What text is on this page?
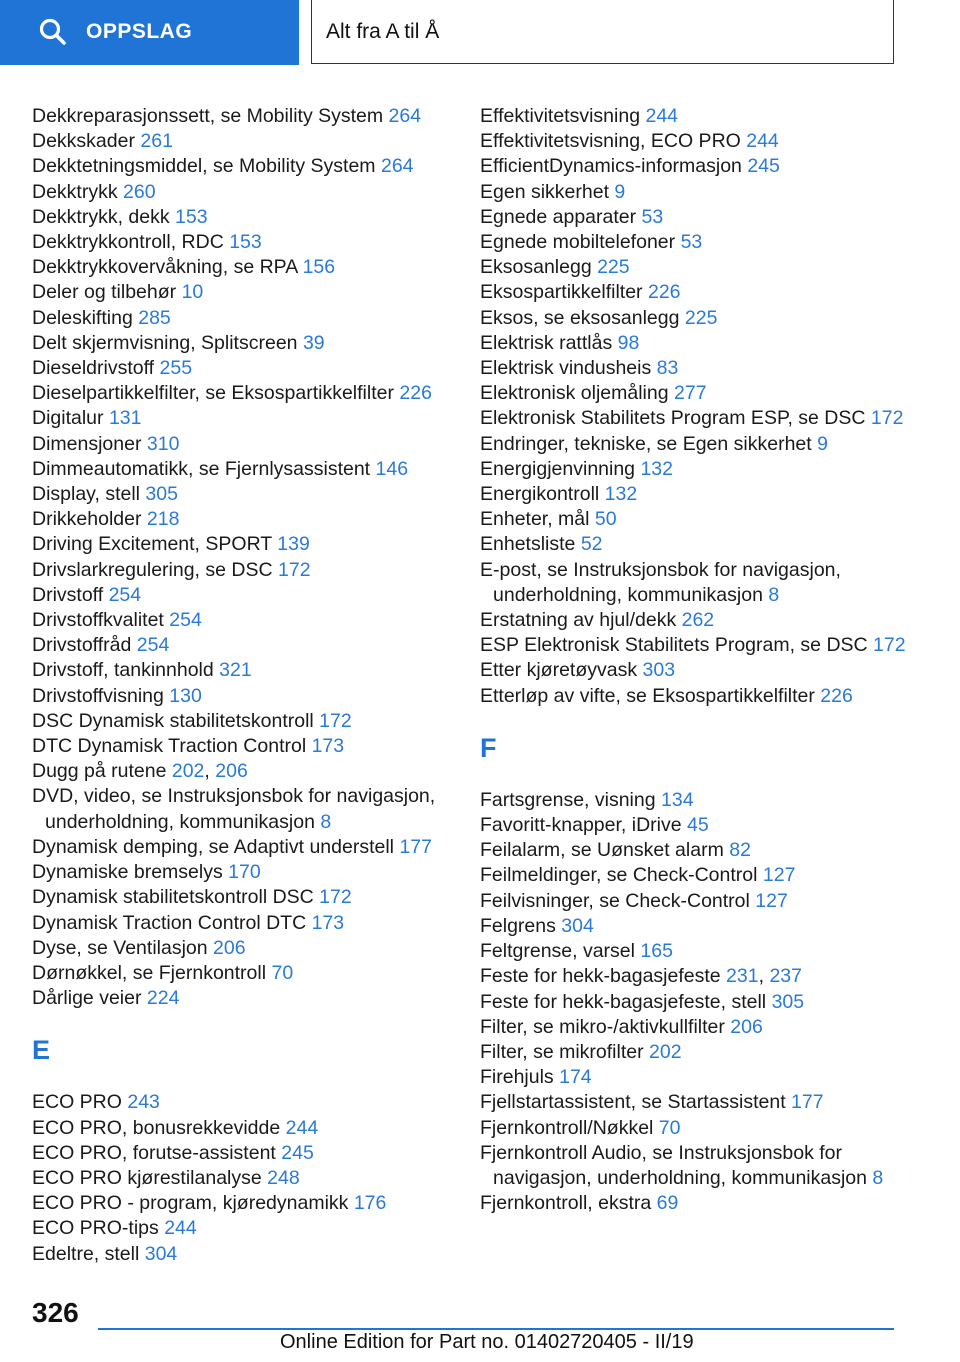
OPPSLAG	Alt fra A til Å
Dekkreparasjonssett, se Mobility System 264
Dekkskader 261
Dekktetningsmiddel, se Mobility System 264
Dekktrykk 260
Dekktrykk, dekk 153
Dekktrykkontroll, RDC 153
Dekktrykkovervåkning, se RPA 156
Deler og tilbehør 10
Deleskifting 285
Delt skjermvisning, Splitscreen 39
Dieseldrivstoff 255
Dieselpartikkelfilter, se Eksospartikkelfilter 226
Digitalur 131
Dimensjoner 310
Dimmeautomatikk, se Fjernlysassistent 146
Display, stell 305
Drikkeholder 218
Driving Excitement, SPORT 139
Drivslarkregulering, se DSC 172
Drivstoff 254
Drivstoffkvalitet 254
Drivstoffråd 254
Drivstoff, tankinnhold 321
Drivstoffvisning 130
DSC Dynamisk stabilitetskontroll 172
DTC Dynamisk Traction Control 173
Dugg på rutene 202, 206
DVD, video, se Instruksjonsbok for navigasjon, underholdning, kommunikasjon 8
Dynamisk demping, se Adaptivt understell 177
Dynamiske bremselys 170
Dynamisk stabilitetskontroll DSC 172
Dynamisk Traction Control DTC 173
Dyse, se Ventilasjon 206
Dørnøkkel, se Fjernkontroll 70
Dårlige veier 224
E
ECO PRO 243
ECO PRO, bonusrekkevidde 244
ECO PRO, forutse-assistent 245
ECO PRO kjørestilanalyse 248
ECO PRO - program, kjøredynamikk 176
ECO PRO-tips 244
Edeltre, stell 304
Effektivitetsvisning 244
Effektivitetsvisning, ECO PRO 244
EfficientDynamics-informasjon 245
Egen sikkerhet 9
Egnede apparater 53
Egnede mobiltelefoner 53
Eksosanlegg 225
Eksospartikkelfilter 226
Eksos, se eksosanlegg 225
Elektrisk rattlås 98
Elektrisk vindusheis 83
Elektronisk oljemåling 277
Elektronisk Stabilitets Program ESP, se DSC 172
Endringer, tekniske, se Egen sikkerhet 9
Energigjenvinning 132
Energikontroll 132
Enheter, mål 50
Enhetsliste 52
E-post, se Instruksjonsbok for navigasjon, underholdning, kommunikasjon 8
Erstatning av hjul/dekk 262
ESP Elektronisk Stabilitets Program, se DSC 172
Etter kjøretøyvask 303
Etterløp av vifte, se Eksospartikkelfilter 226
F
Fartsgrense, visning 134
Favoritt-knapper, iDrive 45
Feilalarm, se Uønsket alarm 82
Feilmeldinger, se Check-Control 127
Feilvisninger, se Check-Control 127
Felgrens 304
Feltgrense, varsel 165
Feste for hekk-bagasjefeste 231, 237
Feste for hekk-bagasjefeste, stell 305
Filter, se mikro-/aktivkullfilter 206
Filter, se mikrofilter 202
Firehjuls 174
Fjellstartassistent, se Startassistent 177
Fjernkontroll/Nøkkel 70
Fjernkontroll Audio, se Instruksjonsbok for navigasjon, underholdning, kommunikasjon 8
Fjernkontroll, ekstra 69
326
Online Edition for Part no. 01402720405 - II/19
